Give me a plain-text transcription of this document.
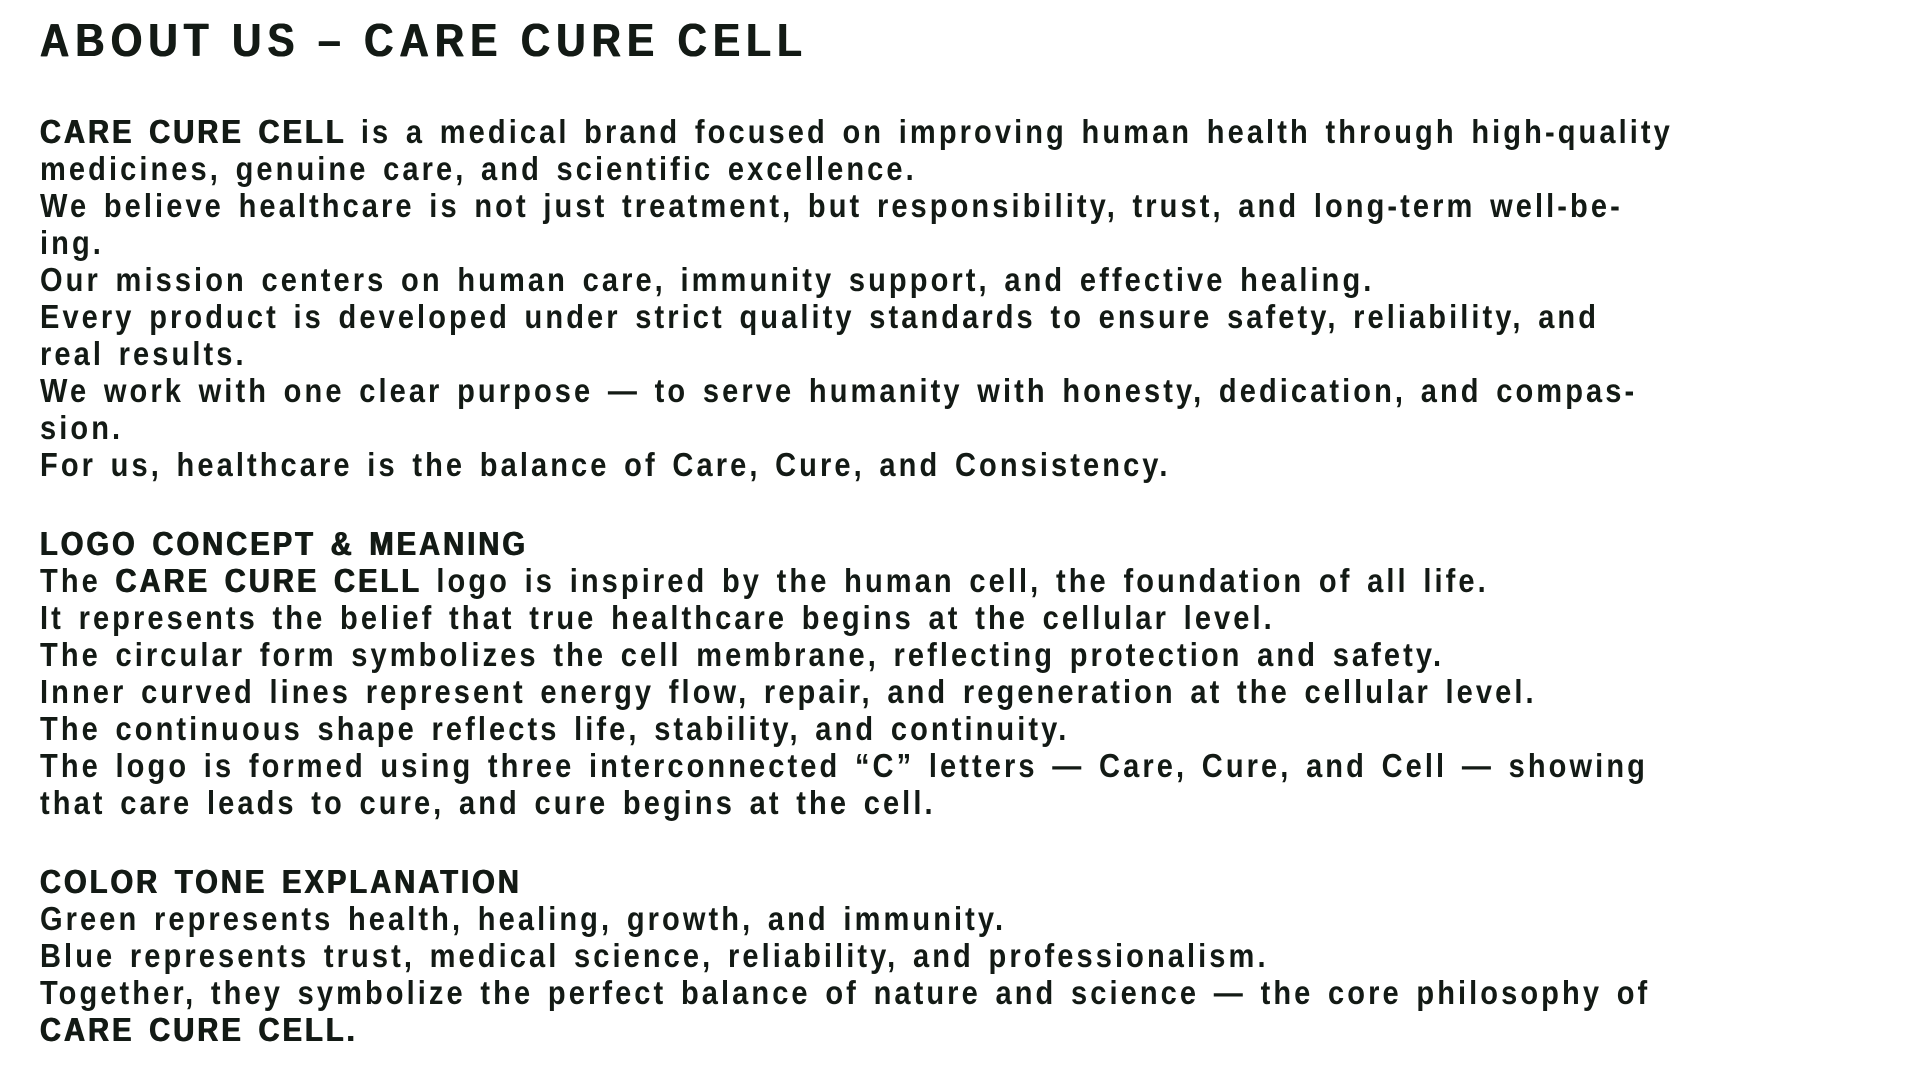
ABOUT US – CARE CURE CELL
CARE CURE CELL is a medical brand focused on improving human health through high-quality
medicines, genuine care, and scientific excellence.
We believe healthcare is not just treatment, but responsibility, trust, and long-term well-be-
ing.
Our mission centers on human care, immunity support, and effective healing.
Every product is developed under strict quality standards to ensure safety, reliability, and
real results.
We work with one clear purpose — to serve humanity with honesty, dedication, and compas-
sion.
For us, healthcare is the balance of Care, Cure, and Consistency.
LOGO CONCEPT & MEANING
The CARE CURE CELL logo is inspired by the human cell, the foundation of all life.
It represents the belief that true healthcare begins at the cellular level.
The circular form symbolizes the cell membrane, reflecting protection and safety.
Inner curved lines represent energy flow, repair, and regeneration at the cellular level.
The continuous shape reflects life, stability, and continuity.
The logo is formed using three interconnected “C” letters — Care, Cure, and Cell — showing
that care leads to cure, and cure begins at the cell.
COLOR TONE EXPLANATION
Green represents health, healing, growth, and immunity.
Blue represents trust, medical science, reliability, and professionalism.
Together, they symbolize the perfect balance of nature and science — the core philosophy of
CARE CURE CELL.
